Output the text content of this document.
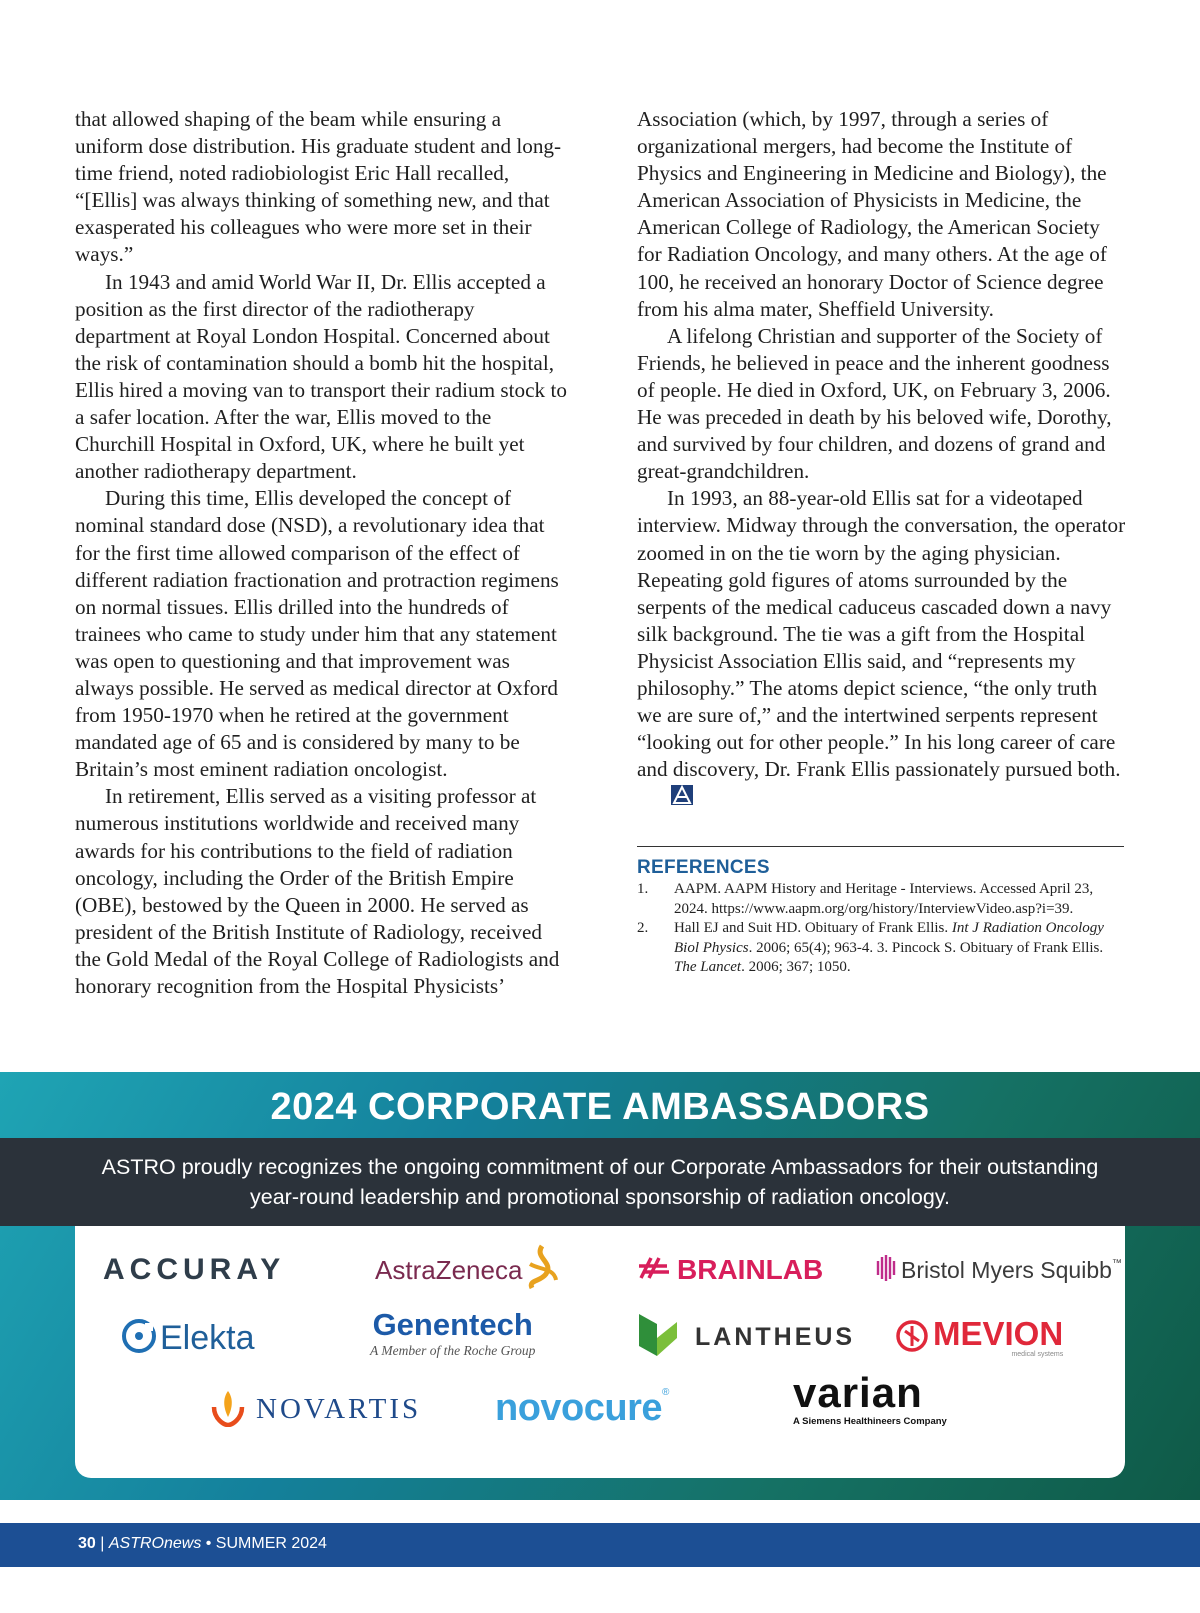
that allowed shaping of the beam while ensuring a uniform dose distribution. His graduate student and long-time friend, noted radiobiologist Eric Hall recalled, “[Ellis] was always thinking of something new, and that exasperated his colleagues who were more set in their ways.”

In 1943 and amid World War II, Dr. Ellis accepted a position as the first director of the radiotherapy department at Royal London Hospital. Concerned about the risk of contamination should a bomb hit the hospital, Ellis hired a moving van to transport their radium stock to a safer location. After the war, Ellis moved to the Churchill Hospital in Oxford, UK, where he built yet another radiotherapy department.

During this time, Ellis developed the concept of nominal standard dose (NSD), a revolutionary idea that for the first time allowed comparison of the effect of different radiation fractionation and protraction regimens on normal tissues. Ellis drilled into the hundreds of trainees who came to study under him that any statement was open to questioning and that improvement was always possible. He served as medical director at Oxford from 1950-1970 when he retired at the government mandated age of 65 and is considered by many to be Britain’s most eminent radiation oncologist.

In retirement, Ellis served as a visiting professor at numerous institutions worldwide and received many awards for his contributions to the field of radiation oncology, including the Order of the British Empire (OBE), bestowed by the Queen in 2000. He served as president of the British Institute of Radiology, received the Gold Medal of the Royal College of Radiologists and honorary recognition from the Hospital Physicists’

Association (which, by 1997, through a series of organizational mergers, had become the Institute of Physics and Engineering in Medicine and Biology), the American Association of Physicists in Medicine, the American College of Radiology, the American Society for Radiation Oncology, and many others. At the age of 100, he received an honorary Doctor of Science degree from his alma mater, Sheffield University.

A lifelong Christian and supporter of the Society of Friends, he believed in peace and the inherent goodness of people. He died in Oxford, UK, on February 3, 2006. He was preceded in death by his beloved wife, Dorothy, and survived by four children, and dozens of grand and great-grandchildren.

In 1993, an 88-year-old Ellis sat for a videotaped interview. Midway through the conversation, the operator zoomed in on the tie worn by the aging physician. Repeating gold figures of atoms surrounded by the serpents of the medical caduceus cascaded down a navy silk background. The tie was a gift from the Hospital Physicist Association Ellis said, and “represents my philosophy.” The atoms depict science, “the only truth we are sure of,” and the intertwined serpents represent “looking out for other people.” In his long career of care and discovery, Dr. Frank Ellis passionately pursued both.

REFERENCES
1.	AAPM. AAPM History and Heritage - Interviews. Accessed April 23, 2024. https://www.aapm.org/org/history/InterviewVideo.asp?i=39.
2.	Hall EJ and Suit HD. Obituary of Frank Ellis. Int J Radiation Oncology Biol Physics. 2006; 65(4); 963-4. 3. Pincock S. Obituary of Frank Ellis. The Lancet. 2006; 367; 1050.
2024 CORPORATE AMBASSADORS
ASTRO proudly recognizes the ongoing commitment of our Corporate Ambassadors for their outstanding year-round leadership and promotional sponsorship of radiation oncology.
ACCURAY	AstraZeneca	BRAINLAB	Bristol Myers Squibb ™
Elekta	Genentech
A Member of the Roche Group	LANTHEUS MEVION
medical systems
NOVARTIS novocure ®	varian
A Siemens Healthineers Company
30 | ASTROnews • SUMMER 2024
